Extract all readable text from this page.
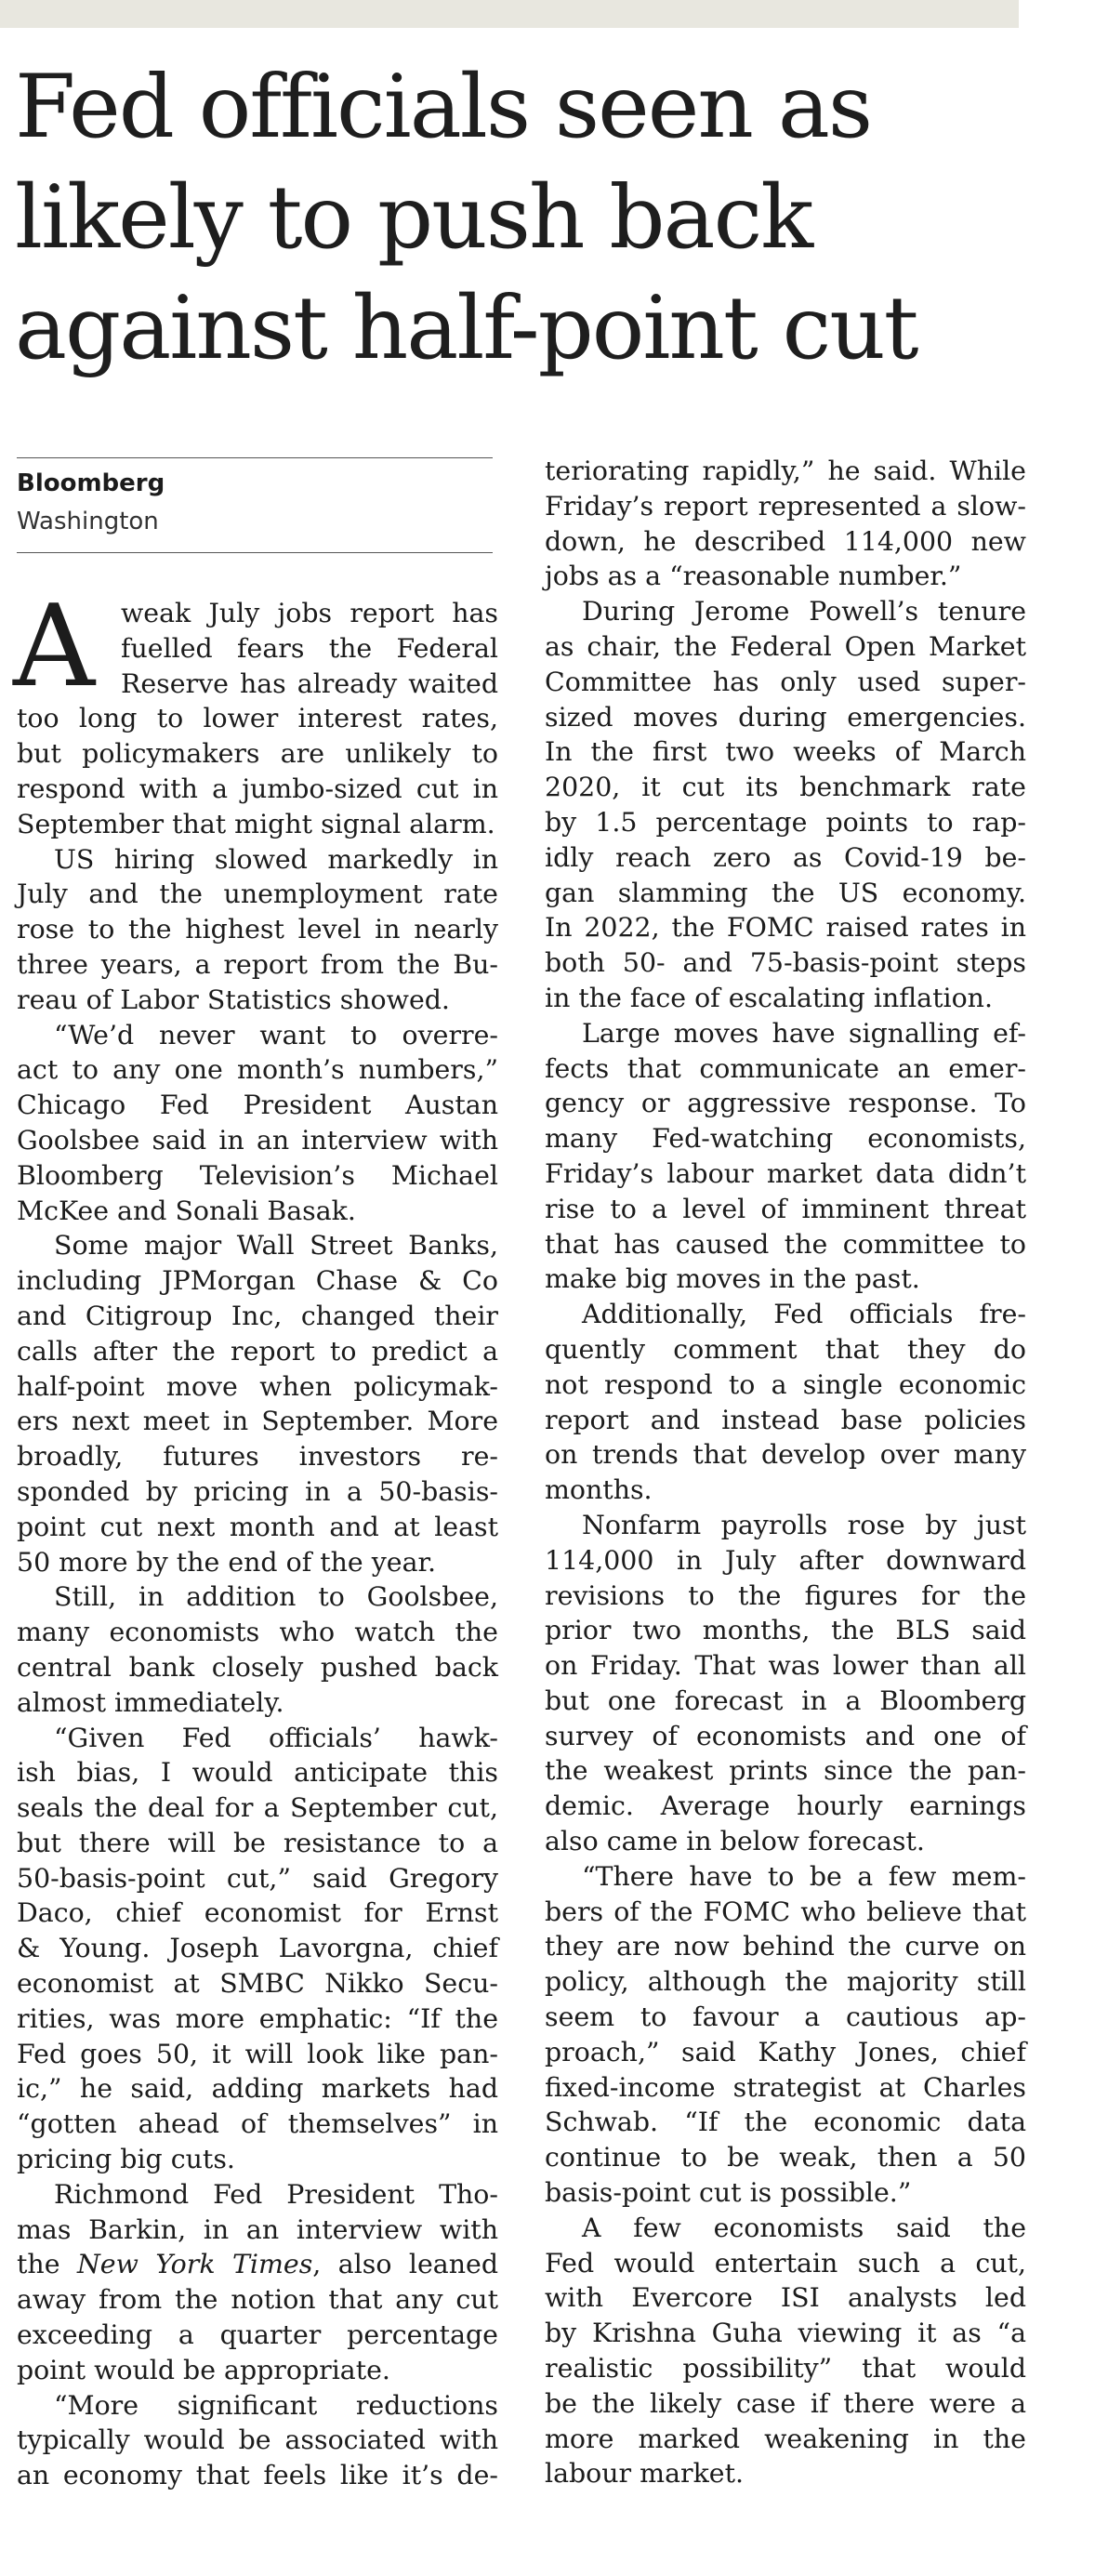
Fed officials seen as
likely to push back
against half-point cut
Bloomberg
Washington
A weak July jobs report has
fuelled fears the Federal
Reserve has already waited
too long to lower interest rates,
but policymakers are unlikely to
respond with a jumbo-sized cut in
September that might signal alarm.
US hiring slowed markedly in
July and the unemployment rate
rose to the highest level in nearly
three years, a report from the Bu-
reau of Labor Statistics showed.
“We’d never want to overre-
act to any one month’s numbers,”
Chicago Fed President Austan
Goolsbee said in an interview with
Bloomberg Television’s Michael
McKee and Sonali Basak.
Some major Wall Street Banks,
including JPMorgan Chase & Co
and Citigroup Inc, changed their
calls after the report to predict a
half-point move when policymak-
ers next meet in September. More
broadly, futures investors re-
sponded by pricing in a 50-basis-
point cut next month and at least
50 more by the end of the year.
Still, in addition to Goolsbee,
many economists who watch the
central bank closely pushed back
almost immediately.
“Given Fed officials’ hawk-
ish bias, I would anticipate this
seals the deal for a September cut,
but there will be resistance to a
50-basis-point cut,” said Gregory
Daco, chief economist for Ernst
& Young. Joseph Lavorgna, chief
economist at SMBC Nikko Secu-
rities, was more emphatic: “If the
Fed goes 50, it will look like pan-
ic,” he said, adding markets had
“gotten ahead of themselves” in
pricing big cuts.
Richmond Fed President Tho-
mas Barkin, in an interview with
the New York Times, also leaned
away from the notion that any cut
exceeding a quarter percentage
point would be appropriate.
“More significant reductions
typically would be associated with
an economy that feels like it’s de-
teriorating rapidly,” he said. While
Friday’s report represented a slow-
down, he described 114,000 new
jobs as a “reasonable number.”
During Jerome Powell’s tenure
as chair, the Federal Open Market
Committee has only used super-
sized moves during emergencies.
In the first two weeks of March
2020, it cut its benchmark rate
by 1.5 percentage points to rap-
idly reach zero as Covid-19 be-
gan slamming the US economy.
In 2022, the FOMC raised rates in
both 50- and 75-basis-point steps
in the face of escalating inflation.
Large moves have signalling ef-
fects that communicate an emer-
gency or aggressive response. To
many Fed-watching economists,
Friday’s labour market data didn’t
rise to a level of imminent threat
that has caused the committee to
make big moves in the past.
Additionally, Fed officials fre-
quently comment that they do
not respond to a single economic
report and instead base policies
on trends that develop over many
months.
Nonfarm payrolls rose by just
114,000 in July after downward
revisions to the figures for the
prior two months, the BLS said
on Friday. That was lower than all
but one forecast in a Bloomberg
survey of economists and one of
the weakest prints since the pan-
demic. Average hourly earnings
also came in below forecast.
“There have to be a few mem-
bers of the FOMC who believe that
they are now behind the curve on
policy, although the majority still
seem to favour a cautious ap-
proach,” said Kathy Jones, chief
fixed-income strategist at Charles
Schwab. “If the economic data
continue to be weak, then a 50
basis-point cut is possible.”
A few economists said the
Fed would entertain such a cut,
with Evercore ISI analysts led
by Krishna Guha viewing it as “a
realistic possibility” that would
be the likely case if there were a
more marked weakening in the
labour market.
